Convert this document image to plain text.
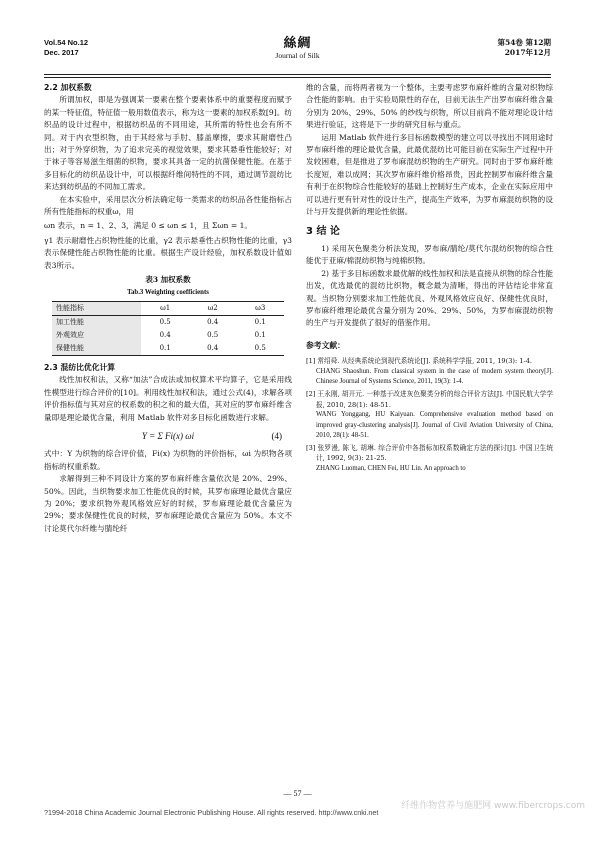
Vol.54 No.12
Dec. 2017
絲綢
Journal of Silk
第54卷 第12期
2017年12月

2.2 加权系数

所谓加权，即是为强调某一要素在整个要素体系中的重要程度而赋予的某一特征值，特征值一般用数值表示，称为这一要素的加权系数[9]。纺织品的设计过程中，根据纺织品的不同用途，其所需的特性也会有所不同。对于内衣型织物，由于其经常与手肘、膝盖摩擦，要求其耐磨性凸出；对于外穿织物，为了追求完美的视觉效果，要求其悬垂性能较好；对于袜子等容易滋生细菌的织物，要求其具备一定的抗菌保健性能。在基于多目标化的纺织品设计中，可以根据纤维间特性的不同，通过调节混纺比来达到纺织品的不同加工需求。

在本实验中，采用层次分析法确定每一类需求的纺织品各性能指标占所有性能指标的权重ω，用

ωn 表示，n = 1、2、3，满足 0 ≤ ωn ≤ 1，且 Σωn = 1。

γ1 表示耐磨性占织物性能的比重，γ2 表示悬垂性占织物性能的比重，γ3 表示保健性能占织物性能的比重。根据生产设计经验，加权系数设计值如表3所示。

表3 加权系数
Tab.3 Weighting coefficients
性能指标	ω1	ω2	ω3
加工性能	0.5	0.4	0.1
外观效应	0.4	0.5	0.1
保健性能	0.1	0.4	0.5

2.3 混纺比优化计算

线性加权和法，又称“加法”合成法或加权算术平均算子，它是采用线性模型进行综合评价的[10]。利用线性加权和法，通过公式(4)，求解各项评价指标值与其对应的权系数的积之和的最大值，其对应的罗布麻纤维含量即是理论最优含量，利用 Matlab 软件对多目标化函数进行求解。

Y = Σ Fi(x) ωi	(4)

式中：Y 为织物的综合评价值，Fi(x) 为织物的评价指标，ωi 为织物各项指标的权重系数。

求解得到三种不同设计方案的罗布麻纤维含量依次是 20%、29%、50%。因此，当织物要求加工性能优良的时候，其罗布麻理论最优含量应为 20%；要求织物外观风格效应好的时候，罗布麻理论最优含量应为 29%；要求保健性优良的时候，罗布麻理论最优含量应为 50%。本文不讨论莫代尔纤维与腈纶纤

维的含量，而将两者视为一个整体，主要考虑罗布麻纤维的含量对织物综合性能的影响。由于实验局限性的存在，目前无法生产出罗布麻纤维含量分别为 20%、29%、50% 的纱线与织物，所以目前尚不能对理论设计结果进行验证，这将是下一步的研究目标与重点。

运用 Matlab 软件进行多目标函数模型的建立可以寻找出不同用途时罗布麻纤维的理论最优含量，此最优混纺比可能目前在实际生产过程中开发较困难，但是推进了罗布麻混纺织物的生产研究。同时由于罗布麻纤维长度短，难以成网；其次罗布麻纤维价格昂贵，因此控制罗布麻纤维含量有利于在织物综合性能较好的基础上控制好生产成本，企业在实际应用中可以进行更有针对性的设计生产，提高生产效率，为罗布麻混纺织物的设计与开发提供新的理论性依据。

3 结 论

1) 采用灰色聚类分析法发现，罗布麻/腈纶/莫代尔混纺织物的综合性能优于亚麻/棉混纺织物与纯棉织物。

2) 基于多目标函数求最优解的线性加权和法是直接从织物的综合性能出发，优选最优的混纺比织物，概念最为清晰，得出的评估结论非常直观。当织物分别要求加工性能优良、外观风格效应良好、保健性优良时，罗布麻纤维理论最优含量分别为 20%、29%、50%，为罗布麻混纺织物的生产与开发提供了很好的借鉴作用。

参考文献：
[1] 常绍舜. 从经典系统论到现代系统论[J]. 系统科学学报, 2011, 19(3): 1-4.
CHANG Shaoshun. From classical system in the case of modern system theory[J]. Chinese Journal of Systems Science, 2011, 19(3): 1-4.
[2] 王永刚, 胡开元. 一种基于改进灰色聚类分析的综合评价方法[J]. 中国民航大学学报, 2010, 28(1): 48-51.
WANG Yonggang, HU Kaiyuan. Comprehensive evaluation method based on improved gray-clustering analysis[J]. Journal of Civil Aviation University of China, 2010, 28(1): 48-51.
[3] 张罗漫, 陈飞, 胡琳. 综合评价中各指标加权系数确定方法的探讨[J]. 中国卫生统计, 1992, 9(3): 21-25.
ZHANG Luoman, CHEN Fei, HU Lin. An approach to
— 57 —
?1994-2018 China Academic Journal Electronic Publishing House. All rights reserved. http://www.cnki.net
纤维作物营养与施肥网 www.fibercrops.com
